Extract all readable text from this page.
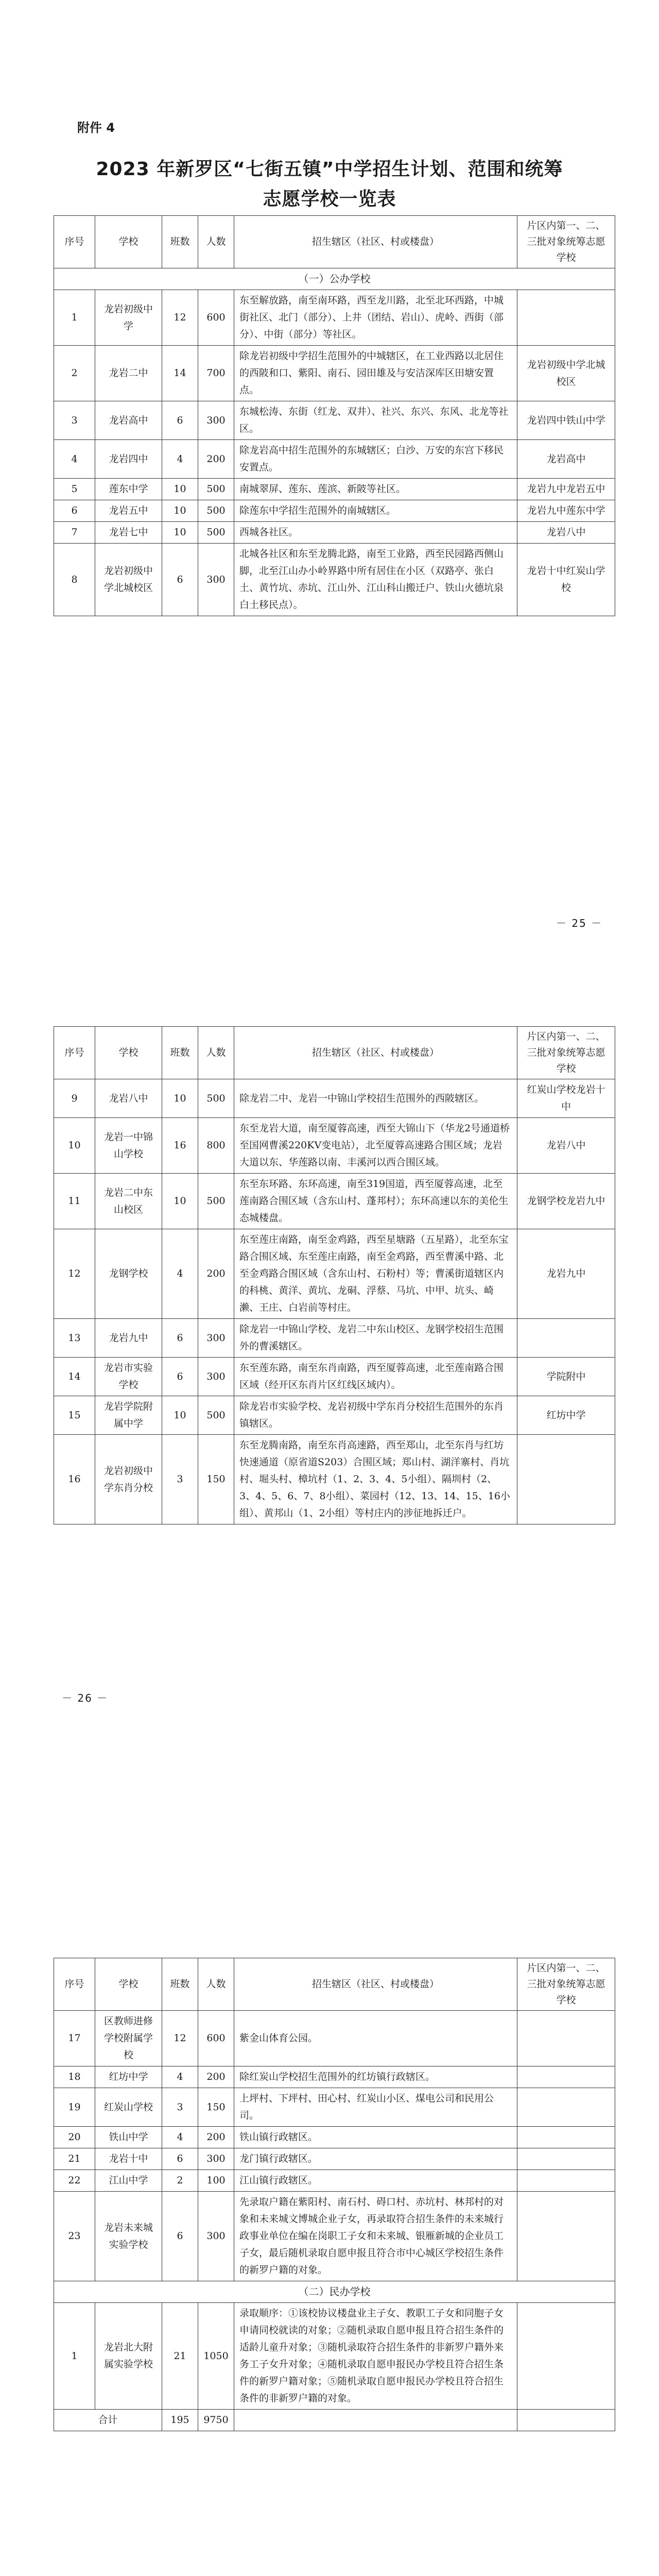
附件 4
2023 年新罗区“七街五镇”中学招生计划、范围和统筹志愿学校一览表
序号	学校	班数	人数	招生辖区（社区、村或楼盘）	片区内第一、二、三批对象统筹志愿学校
（一）公办学校					
1	龙岩初级中学	12	600	东至解放路，南至南环路，西至龙川路，北至北环西路，中城街社区、北门（部分）、上井（团结、岩山）、虎岭、西街（部分）、中街（部分）等社区。	
2	龙岩二中	14	700	除龙岩初级中学招生范围外的中城辖区，在工业西路以北居住的西陂和口、紫阳、南石、园田雄及与安洁深库区田塘安置点。	龙岩初级中学北城校区
3	龙岩高中	6	300	东城松涛、东街（红龙、双井）、社兴、东兴、东风、北龙等社区。	龙岩四中铁山中学
4	龙岩四中	4	200	除龙岩高中招生范围外的东城辖区；白沙、万安的东宫下移民安置点。	龙岩高中
5	莲东中学	10	500	南城翠屏、莲东、莲滨、新陂等社区。	龙岩九中龙岩五中
6	龙岩五中	10	500	除莲东中学招生范围外的南城辖区。	龙岩九中莲东中学
7	龙岩七中	10	500	西城各社区。	龙岩八中
8	龙岩初级中学北城校区	6	300	北城各社区和东至龙腾北路，南至工业路，西至民园路西侧山脚，北至江山办小岭界路中所有居住在小区（双路亭、张白土、黄竹坑、赤坑、江山外、江山科山搬迁户、铁山火德坑泉白土移民点）。	龙岩十中红炭山学校
－ 25 －
序号	学校	班数	人数	招生辖区（社区、村或楼盘）	片区内第一、二、三批对象统筹志愿学校
9	龙岩八中	10	500	除龙岩二中、龙岩一中锦山学校招生范围外的西陂辖区。	红炭山学校龙岩十中
10	龙岩一中锦山学校	16	800	东至龙岩大道，南至厦蓉高速，西至大锦山下（华龙2号通道桥至国网曹溪220KV变电站），北至厦蓉高速路合围区域；龙岩大道以东、华莲路以南、丰溪河以西合围区域。	龙岩八中
11	龙岩二中东山校区	10	500	东至东环路、东环高速，南至319国道，西至厦蓉高速，北至莲南路合围区域（含东山村、蓬邦村）；东环高速以东的美伦生态城楼盘。	龙钢学校龙岩九中
12	龙钢学校	4	200	东至莲庄南路，南至金鸡路，西至星塘路（五星路），北至东宝路合围区域、东至莲庄南路，南至金鸡路，西至曹溪中路、北至金鸡路合围区域（含东山村、石粉村）等；曹溪街道辖区内的科桃、黄洋、黄坑、龙硐、浮蔡、马坑、中甲、坑头、崎濑、王庄、白岩前等村庄。	龙岩九中
13	龙岩九中	6	300	除龙岩一中锦山学校、龙岩二中东山校区、龙钢学校招生范围外的曹溪辖区。	
14	龙岩市实验学校	6	300	东至莲东路，南至东肖南路，西至厦蓉高速，北至莲南路合围区域（经开区东肖片区红线区域内）。	学院附中
15	龙岩学院附属中学	10	500	除龙岩市实验学校、龙岩初级中学东肖分校招生范围外的东肖镇辖区。	红坊中学
16	龙岩初级中学东肖分校	3	150	东至龙腾南路，南至东肖高速路，西至郑山，北至东肖与红坊快速通道（原省道S203）合围区域；郑山村、湖洋寨村、肖坑村、堀头村、樟坑村（1、2、3、4、5小组）、隔圳村（2、3、4、5、6、7、8小组）、菜园村（12、13、14、15、16小组）、黄邦山（1、2小组）等村庄内的涉征地拆迁户。	
－ 26 －
序号	学校	班数	人数	招生辖区（社区、村或楼盘）	片区内第一、二、三批对象统筹志愿学校
17	区教师进修学校附属学校	12	600	紫金山体育公园。	
18	红坊中学	4	200	除红炭山学校招生范围外的红坊镇行政辖区。	
19	红炭山学校	3	150	上坪村、下坪村、田心村、红炭山小区、煤电公司和民用公司。	
20	铁山中学	4	200	铁山镇行政辖区。	
21	龙岩十中	6	300	龙门镇行政辖区。	
22	江山中学	2	100	江山镇行政辖区。	
23	龙岩未来城实验学校	6	300	先录取户籍在紫阳村、南石村、碍口村、赤坑村、林邦村的对象和未来城文博城企业子女，再录取符合招生条件的未来城行政事业单位在编在岗职工子女和未来城、银雁新城的企业员工子女，最后随机录取自愿申报且符合市中心城区学校招生条件的新罗户籍的对象。	
（二）民办学校					
1	龙岩北大附属实验学校	21	1050	录取顺序：①该校协议楼盘业主子女、教职工子女和同胞子女申请同校就读的对象；②随机录取自愿申报且符合招生条件的适龄儿童升对象；③随机录取符合招生条件的非新罗户籍外来务工子女升对象；④随机录取自愿申报民办学校且符合招生条件的新罗户籍对象；⑤随机录取自愿申报民办学校且符合招生条件的非新罗户籍的对象。	
合计		195	9750		
